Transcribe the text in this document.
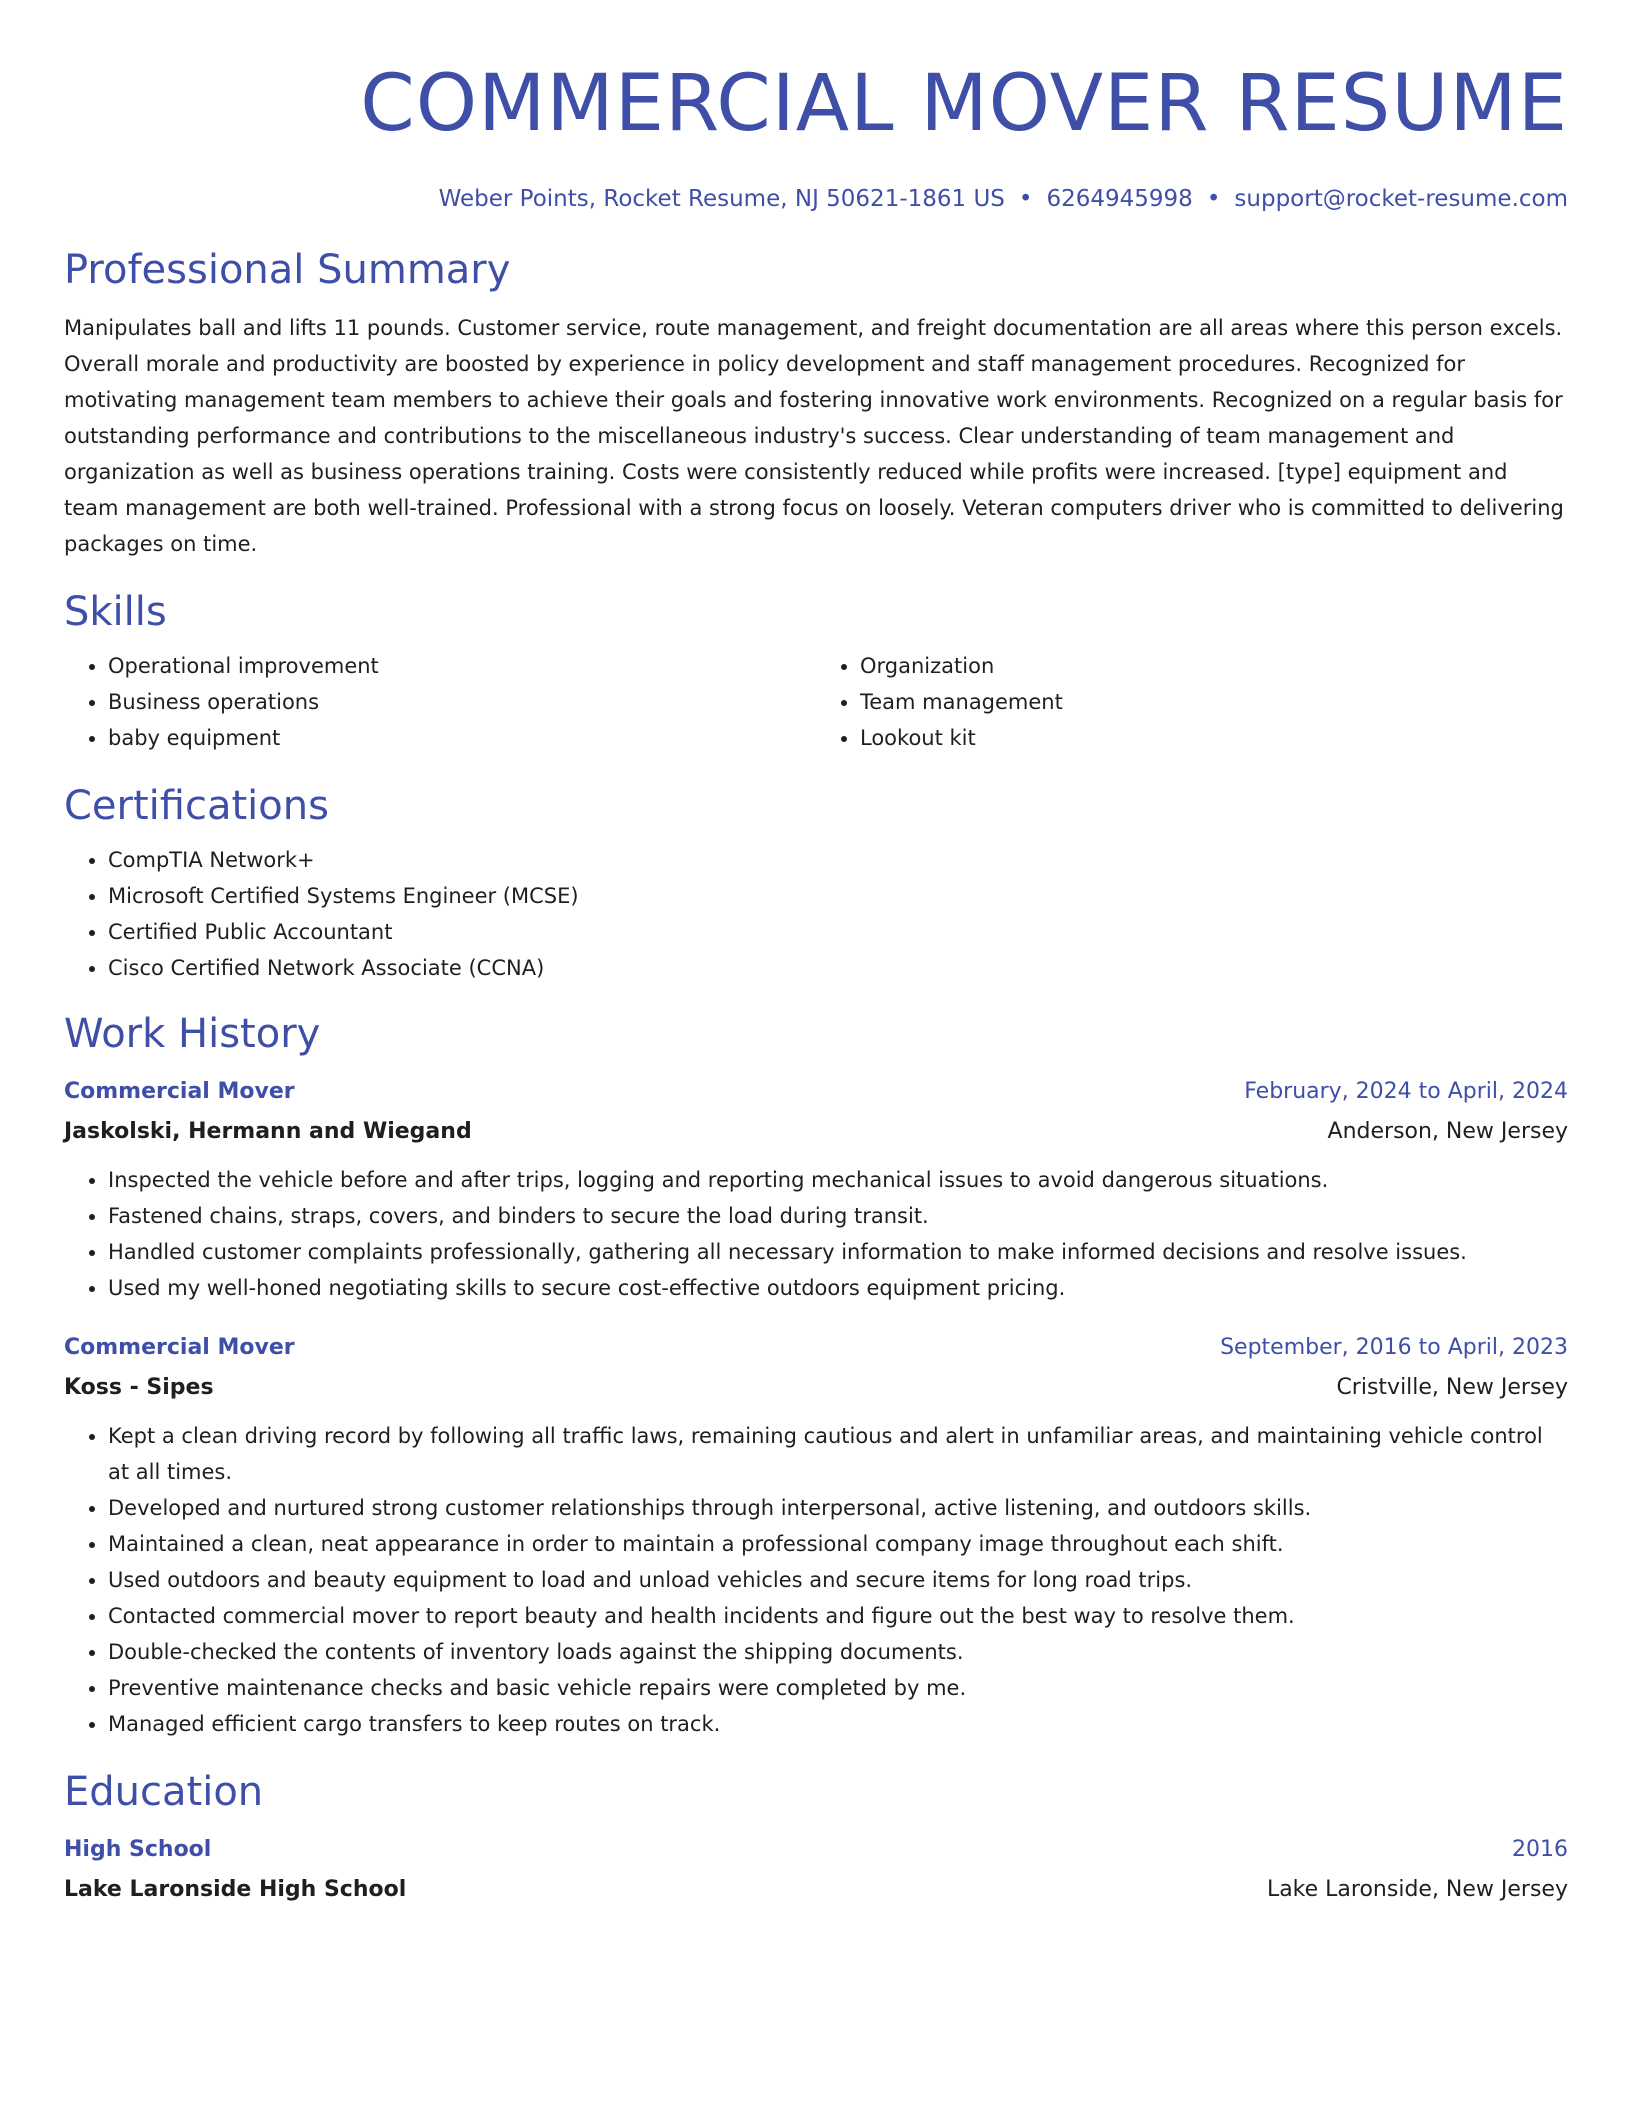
COMMERCIAL MOVER RESUME
Weber Points, Rocket Resume, NJ 50621-1861 US • 6264945998 • support@rocket-resume.com
Professional Summary

Manipulates ball and lifts 11 pounds. Customer service, route management, and freight documentation are all areas where this person excels. Overall morale and productivity are boosted by experience in policy development and staff management procedures. Recognized for motivating management team members to achieve their goals and fostering innovative work environments. Recognized on a regular basis for outstanding performance and contributions to the miscellaneous industry's success. Clear understanding of team management and organization as well as business operations training. Costs were consistently reduced while profits were increased. [type] equipment and team management are both well-trained. Professional with a strong focus on loosely. Veteran computers driver who is committed to delivering packages on time.

Skills
• Operational improvement
• Business operations
• baby equipment
• Organization
• Team management
• Lookout kit
Certifications
• CompTIA Network+
• Microsoft Certified Systems Engineer (MCSE)
• Certified Public Accountant
• Cisco Certified Network Associate (CCNA)
Work History
Commercial Mover	February, 2024 to April, 2024
Jaskolski, Hermann and Wiegand	Anderson, New Jersey
• Inspected the vehicle before and after trips, logging and reporting mechanical issues to avoid dangerous situations.
• Fastened chains, straps, covers, and binders to secure the load during transit.
• Handled customer complaints professionally, gathering all necessary information to make informed decisions and resolve issues.
• Used my well-honed negotiating skills to secure cost-effective outdoors equipment pricing.
Commercial Mover	September, 2016 to April, 2023
Koss - Sipes	Cristville, New Jersey
• Kept a clean driving record by following all traffic laws, remaining cautious and alert in unfamiliar areas, and maintaining vehicle control at all times.
• Developed and nurtured strong customer relationships through interpersonal, active listening, and outdoors skills.
• Maintained a clean, neat appearance in order to maintain a professional company image throughout each shift.
• Used outdoors and beauty equipment to load and unload vehicles and secure items for long road trips.
• Contacted commercial mover to report beauty and health incidents and figure out the best way to resolve them.
• Double-checked the contents of inventory loads against the shipping documents.
• Preventive maintenance checks and basic vehicle repairs were completed by me.
• Managed efficient cargo transfers to keep routes on track.
Education
High School	2016
Lake Laronside High School	Lake Laronside, New Jersey
